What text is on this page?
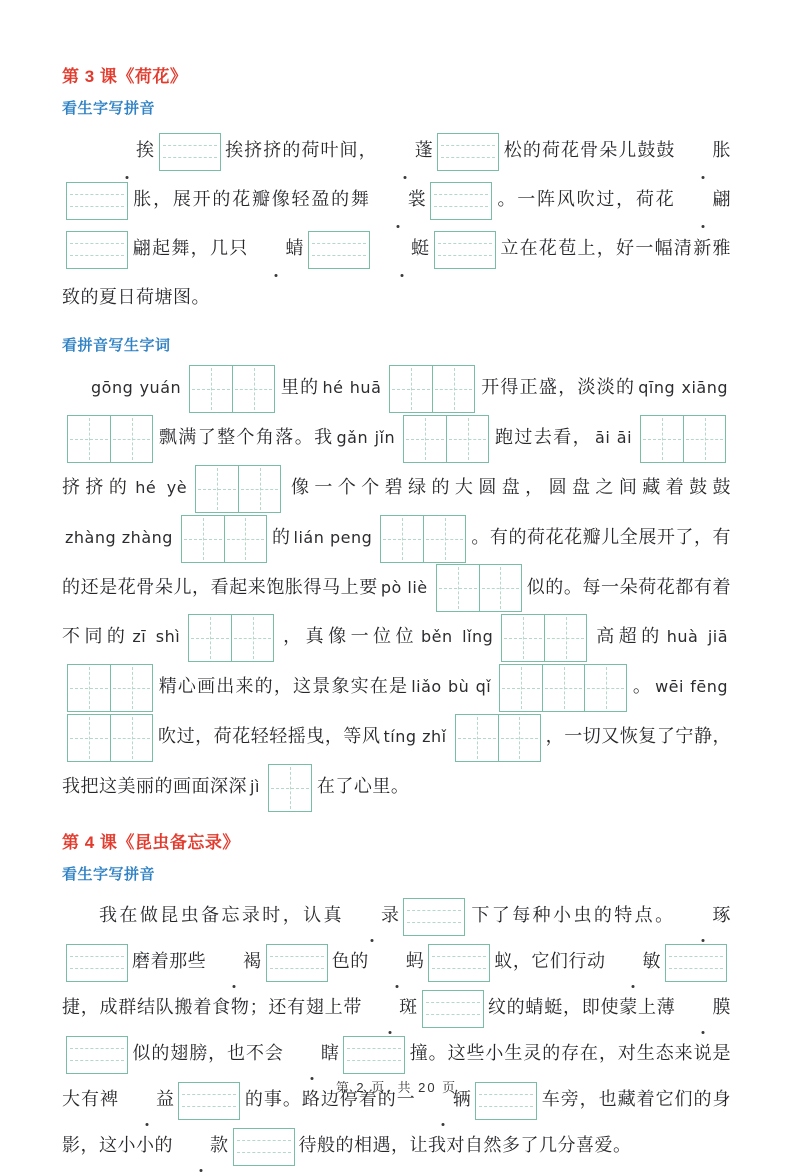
第 3 课《荷花》
看生字写拼音

挨	挨挤挤的荷叶间， 蓬	松的荷花骨朵儿鼓鼓 胀胀，展开的花瓣像轻盈的舞 裳	。一阵风吹过，荷花 翩翩起舞，几只 蜻	蜓	立在花苞上，好一幅清新雅致的夏日荷塘图。

看拼音写生字词

gōng yuán	里的 hé huā	开得正盛，淡淡的 qīng xiāng
飘满了整个角落。我 gǎn jǐn	跑过去看， āi āi
挤挤的 hé yè	像一个个碧绿的大圆盘，圆盘之间藏着鼓鼓zhàng zhàng	的 lián peng	。有的荷花花瓣儿全展开了，有的还是花骨朵儿，看起来饱胀得马上要 pò liè	似的。每一朵荷花都有着不同的 zī shì	，真像一位位 běn lǐng	高超的 huà jiā
精心画出来的，这景象实在是 liǎo bù qǐ	。 wēi fēng
吹过，荷花轻轻摇曳，等风 tíng zhǐ	，一切又恢复了宁静，我把这美丽的画面深深 jì	在了心里。

第 4 课《昆虫备忘录》
看生字写拼音

我在做昆虫备忘录时，认真 录	下了每种小虫的特点。 琢磨着那些 褐	色的 蚂	蚁，它们行动 敏捷，成群结队搬着食物；还有翅上带 斑	纹的蜻蜓，即使蒙上薄 膜似的翅膀，也不会 瞎	撞。这些小生灵的存在，对生态来说是大有裨 益	的事。路边停着的一 辆	车旁，也藏着它们的身影，这小小的 款	待般的相遇，让我对自然多了几分喜爱。

第 2 页, 共 20 页
